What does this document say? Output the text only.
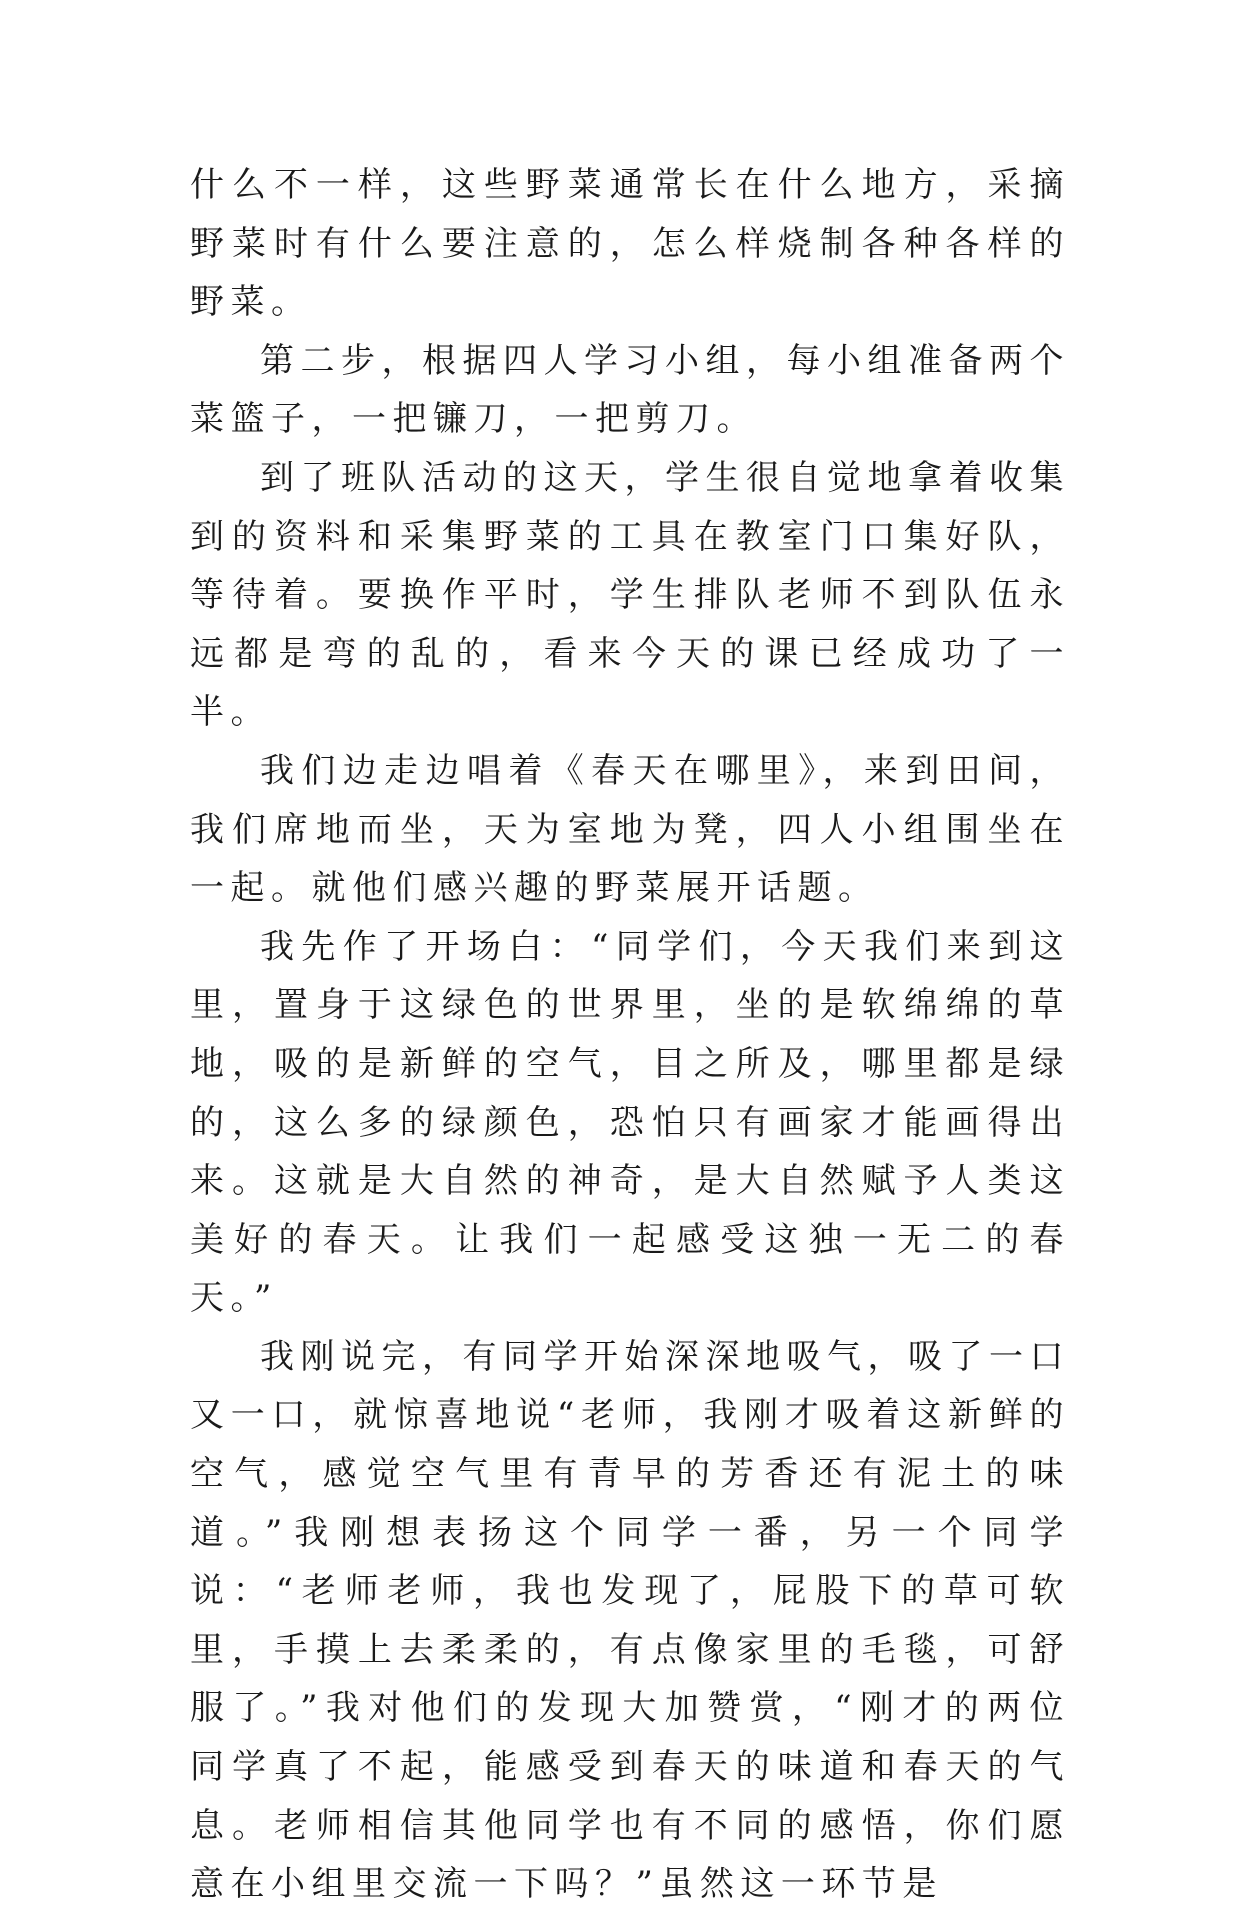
什么不一样，这些野菜通常长在什么地方，采摘野菜时有什么要注意的，怎么样烧制各种各样的野菜。

第二步，根据四人学习小组，每小组准备两个菜篮子，一把镰刀，一把剪刀。

到了班队活动的这天，学生很自觉地拿着收集到的资料和采集野菜的工具在教室门口集好队，等待着。要换作平时，学生排队老师不到队伍永远都是弯的乱的，看来今天的课已经成功了一半。

我们边走边唱着《春天在哪里》，来到田间，我们席地而坐，天为室地为凳，四人小组围坐在一起。就他们感兴趣的野菜展开话题。

我先作了开场白：“同学们，今天我们来到这里，置身于这绿色的世界里，坐的是软绵绵的草地，吸的是新鲜的空气，目之所及，哪里都是绿的，这么多的绿颜色，恐怕只有画家才能画得出来。这就是大自然的神奇，是大自然赋予人类这美好的春天。让我们一起感受这独一无二的春天。”

我刚说完，有同学开始深深地吸气，吸了一口又一口，就惊喜地说“老师，我刚才吸着这新鲜的空气，感觉空气里有青早的芳香还有泥土的味道。”我刚想表扬这个同学一番，另一个同学说：“老师老师，我也发现了，屁股下的草可软里，手摸上去柔柔的，有点像家里的毛毯，可舒服了。”我对他们的发现大加赞赏，“刚才的两位同学真了不起，能感受到春天的味道和春天的气息。老师相信其他同学也有不同的感悟，你们愿意在小组里交流一下吗？”虽然这一环节是
